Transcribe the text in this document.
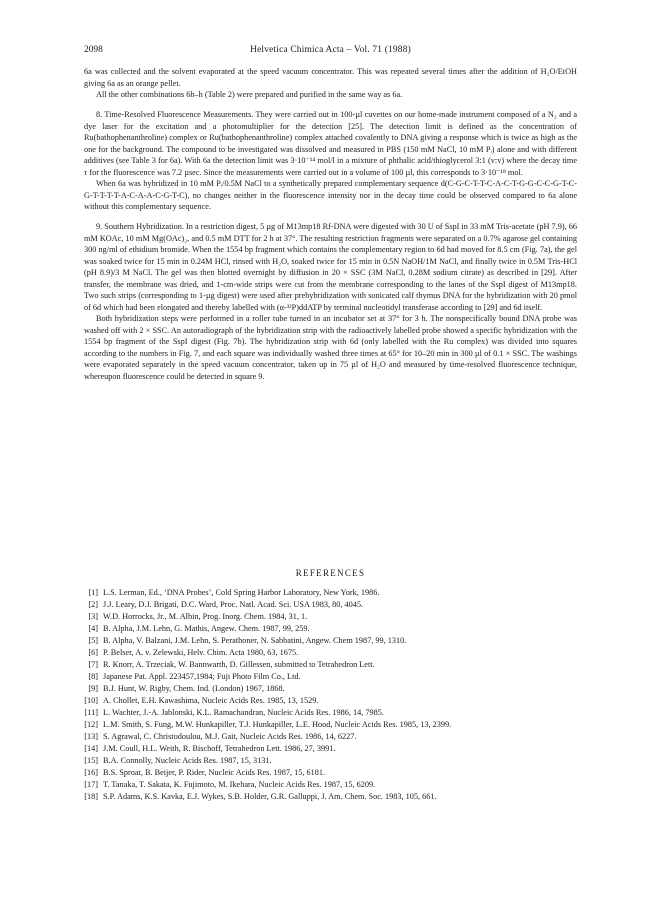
2098	Helvetica Chimica Acta – Vol. 71 (1988)

6a was collected and the solvent evaporated at the speed vacuum concentrator. This was repeated several times after the addition of H₂O/EtOH giving 6a as an orange pellet.

All the other combinations 6b–h (Table 2) were prepared and purified in the same way as 6a.

8. Time-Resolved Fluorescence Measurements. They were carried out in 100-µl cuvettes on our home-made instrument composed of a N₂ and a dye laser for the excitation and a photomultiplier for the detection [25]. The detection limit is defined as the concentration of Ru(bathophenanthroline) complex or Ru(bathophenanthroline) complex attached covalently to DNA giving a response which is twice as high as the one for the background. The compound to be investigated was dissolved and measured in PBS (150 mM NaCl, 10 mM Pᵢ) alone and with different additives (see Table 3 for 6a). With 6a the detection limit was 3·10⁻¹⁴ mol/l in a mixture of phthalic acid/thioglycerol 3:1 (v:v) where the decay time τ for the fluorescence was 7.2 µsec. Since the measurements were carried out in a volume of 100 µl, this corresponds to 3·10⁻¹⁸ mol.

When 6a was hybridized in 10 mM Pᵢ/0.5M NaCl to a synthetically prepared complementary sequence d(C-G-C-T-T-C-A-C-T-G-G-C-C-G-T-C-G-T-T-T-T-A-C-A-A-C-G-T-C), no changes neither in the fluorescence intensity nor in the decay time could be observed compared to 6a alone without this complementary sequence.

9. Southern Hybridization. In a restriction digest, 5 µg of M13mp18 Rf-DNA were digested with 30 U of SspI in 33 mM Tris-acetate (pH 7.9), 66 mM KOAc, 10 mM Mg(OAc)₂, and 0.5 mM DTT for 2 h at 37°. The resulting restriction fragments were separated on a 0.7% agarose gel containing 300 ng/ml of ethidium bromide. When the 1554 bp fragment which contains the complementary region to 6d had moved for 8.5 cm (Fig. 7a), the gel was soaked twice for 15 min in 0.24M HCl, rinsed with H₂O, soaked twice for 15 min in 0.5N NaOH/1M NaCl, and finally twice in 0.5M Tris-HCl (pH 8.9)/3 M NaCl. The gel was then blotted overnight by diffusion in 20 × SSC (3M NaCl, 0.28M sodium citrate) as described in [29]. After transfer, the membrane was dried, and 1-cm-wide strips were cut from the membrane corresponding to the lanes of the SspI digest of M13mp18. Two such strips (corresponding to 1-µg digest) were used after prehybridization with sonicated calf thymus DNA for the hybridization with 20 pmol of 6d which had been elongated and thereby labelled with (α-³²P)ddATP by terminal nucleotidyl transferase according to [29] and 6d itself.

Both hybridization steps were performed in a roller tube turned in an incubator set at 37° for 3 h. The nonspecifically bound DNA probe was washed off with 2 × SSC. An autoradiograph of the hybridization strip with the radioactively labelled probe showed a specific hybridization with the 1554 bp fragment of the SspI digest (Fig. 7b). The hybridization strip with 6d (only labelled with the Ru complex) was divided into squares according to the numbers in Fig. 7, and each square was individually washed three times at 65° for 10–20 min in 300 µl of 0.1 × SSC. The washings were evaporated separately in the speed vacuum concentrator, taken up in 75 µl of H₂O and measured by time-resolved fluorescence technique, whereupon fluorescence could be detected in square 9.

REFERENCES
[1] L.S. Lerman, Ed., ‘DNA Probes’, Cold Spring Harbor Laboratory, New York, 1986.
[2] J.J. Leary, D.J. Brigati, D.C. Ward, Proc. Natl. Acad. Sci. USA 1983, 80, 4045.
[3] W.D. Horrocks, Jr., M. Albin, Prog. Inorg. Chem. 1984, 31, 1.
[4] B. Alpha, J.M. Lehn, G. Mathis, Angew. Chem. 1987, 99, 259.
[5] B. Alpha, V. Balzani, J.M. Lehn, S. Perathoner, N. Sabbatini, Angew. Chem 1987, 99, 1310.
[6] P. Belser, A. v. Zelewski, Helv. Chim. Acta 1980, 63, 1675.
[7] R. Knorr, A. Trzeciak, W. Bannwarth, D. Gillessen, submitted to Tetrahedron Lett.
[8] Japanese Pat. Appl. 223457,1984; Fuji Photo Film Co., Ltd.
[9] B.J. Hunt, W. Rigby, Chem. Ind. (London) 1967, 1868.
[10] A. Chollet, E.H. Kawashima, Nucleic Acids Res. 1985, 13, 1529.
[11] L. Wachter, J.-A. Jablonski, K.L. Ramachandran, Nucleic Acids Res. 1986, 14, 7985.
[12] L.M. Smith, S. Fung, M.W. Hunkapiller, T.J. Hunkapiller, L.E. Hood, Nucleic Acids Res. 1985, 13, 2399.
[13] S. Agrawal, C. Christodoulou, M.J. Gait, Nucleic Acids Res. 1986, 14, 6227.
[14] J.M. Coull, H.L. Weith, R. Bischoff, Tetrahedron Lett. 1986, 27, 3991.
[15] B.A. Connolly, Nucleic Acids Res. 1987, 15, 3131.
[16] B.S. Sproat, B. Beijer, P. Rider, Nucleic Acids Res. 1987, 15, 6181.
[17] T. Tanaka, T. Sakata, K. Fujimoto, M. Ikehara, Nucleic Acids Res. 1987, 15, 6209.
[18] S.P. Adams, K.S. Kavka, E.J. Wykes, S.B. Holder, G.R. Galluppi, J. Am. Chem. Soc. 1983, 105, 661.
